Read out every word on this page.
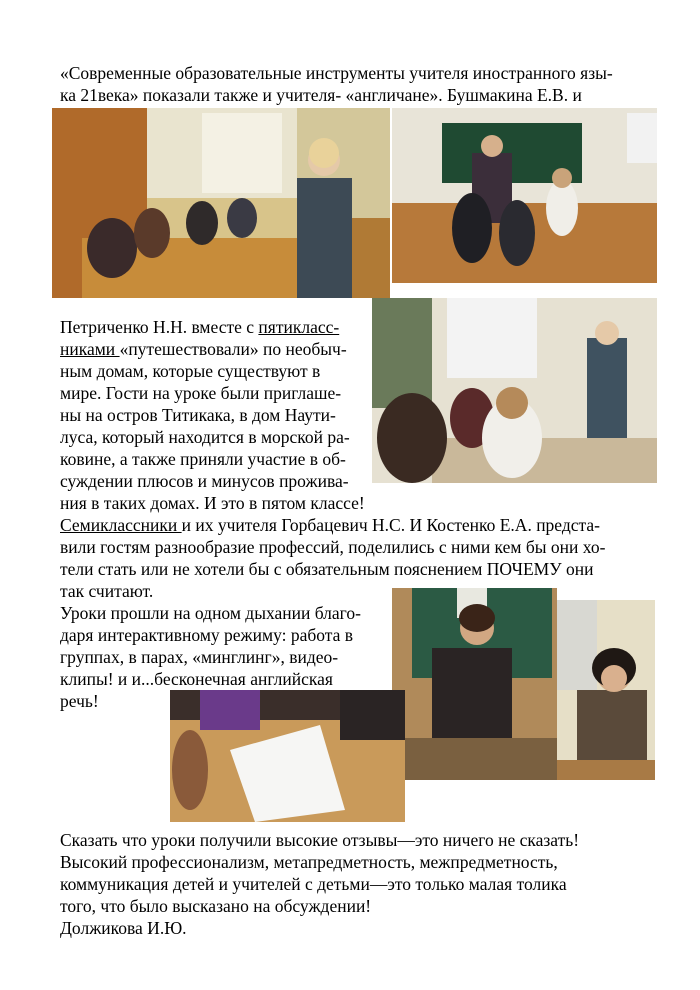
«Современные образовательные инструменты учителя иностранного язы-
ка 21века» показали также и учителя- «англичане». Бушмакина Е.В. и
Петриченко Н.Н. вместе с пятикласс-
никами «путешествовали» по необыч-
ным домам, которые существуют в
мире. Гости на уроке были приглаше-
ны на остров Титикака, в дом Наути-
луса, который находится в морской ра-
ковине, а также приняли участие в об-
суждении плюсов и минусов прожива-
ния в таких домах. И это в пятом классе!
Семиклассники и их учителя Горбацевич Н.С. И Костенко Е.А. предста-
вили гостям разнообразие профессий, поделились с ними кем бы они хо-
тели стать или не хотели бы с обязательным пояснением ПОЧЕМУ они
так считают.
Уроки прошли на одном дыхании благо-
даря интерактивному режиму: работа в
группах, в парах, «минглинг», видео-
клипы! и и...бесконечная английская
речь!
Сказать что уроки получили высокие отзывы—это ничего не сказать!
Высокий профессионализм, метапредметность, межпредметность,
коммуникация детей и учителей с детьми—это только малая толика
того, что было высказано на обсуждении!
Должикова И.Ю.
